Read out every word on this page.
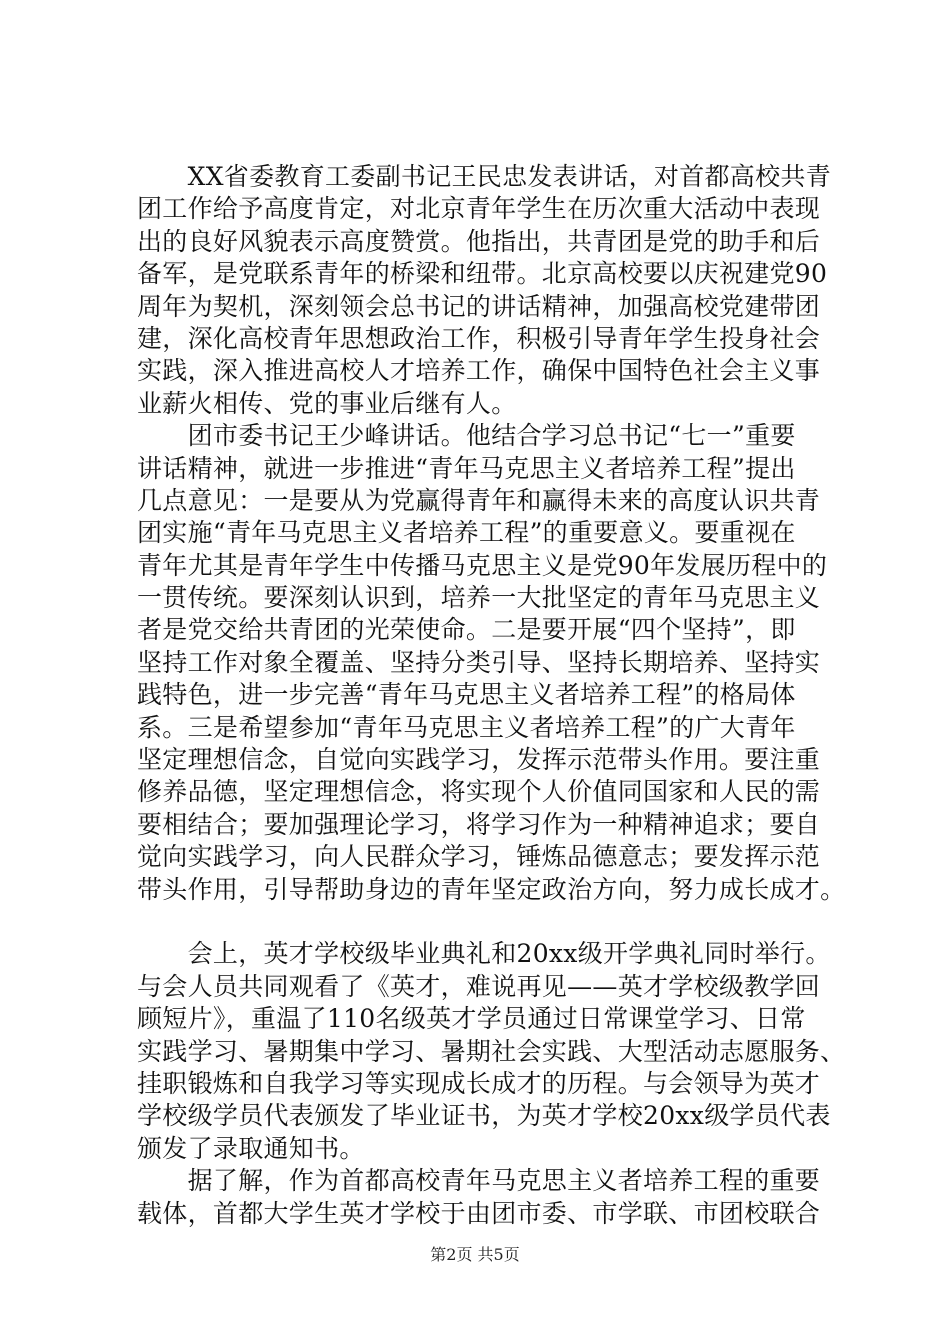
　　XX省委教育工委副书记王民忠发表讲话，对首都高校共青
团工作给予高度肯定，对北京青年学生在历次重大活动中表现
出的良好风貌表示高度赞赏。他指出，共青团是党的助手和后
备军，是党联系青年的桥梁和纽带。北京高校要以庆祝建党90
周年为契机，深刻领会总书记的讲话精神，加强高校党建带团
建，深化高校青年思想政治工作，积极引导青年学生投身社会
实践，深入推进高校人才培养工作，确保中国特色社会主义事
业薪火相传、党的事业后继有人。
　　团市委书记王少峰讲话。他结合学习总书记“七一”重要
讲话精神，就进一步推进“青年马克思主义者培养工程”提出
几点意见：一是要从为党赢得青年和赢得未来的高度认识共青
团实施“青年马克思主义者培养工程”的重要意义。要重视在
青年尤其是青年学生中传播马克思主义是党90年发展历程中的
一贯传统。要深刻认识到，培养一大批坚定的青年马克思主义
者是党交给共青团的光荣使命。二是要开展“四个坚持”，即
坚持工作对象全覆盖、坚持分类引导、坚持长期培养、坚持实
践特色，进一步完善“青年马克思主义者培养工程”的格局体
系。三是希望参加“青年马克思主义者培养工程”的广大青年
坚定理想信念，自觉向实践学习，发挥示范带头作用。要注重
修养品德，坚定理想信念，将实现个人价值同国家和人民的需
要相结合；要加强理论学习，将学习作为一种精神追求；要自
觉向实践学习，向人民群众学习，锤炼品德意志；要发挥示范
带头作用，引导帮助身边的青年坚定政治方向，努力成长成才。
　　会上，英才学校级毕业典礼和20xx级开学典礼同时举行。
与会人员共同观看了《英才，难说再见——英才学校级教学回
顾短片》，重温了110名级英才学员通过日常课堂学习、日常
实践学习、暑期集中学习、暑期社会实践、大型活动志愿服务、
挂职锻炼和自我学习等实现成长成才的历程。与会领导为英才
学校级学员代表颁发了毕业证书，为英才学校20xx级学员代表
颁发了录取通知书。
　　据了解，作为首都高校青年马克思主义者培养工程的重要
载体，首都大学生英才学校于由团市委、市学联、市团校联合
第2页 共5页
